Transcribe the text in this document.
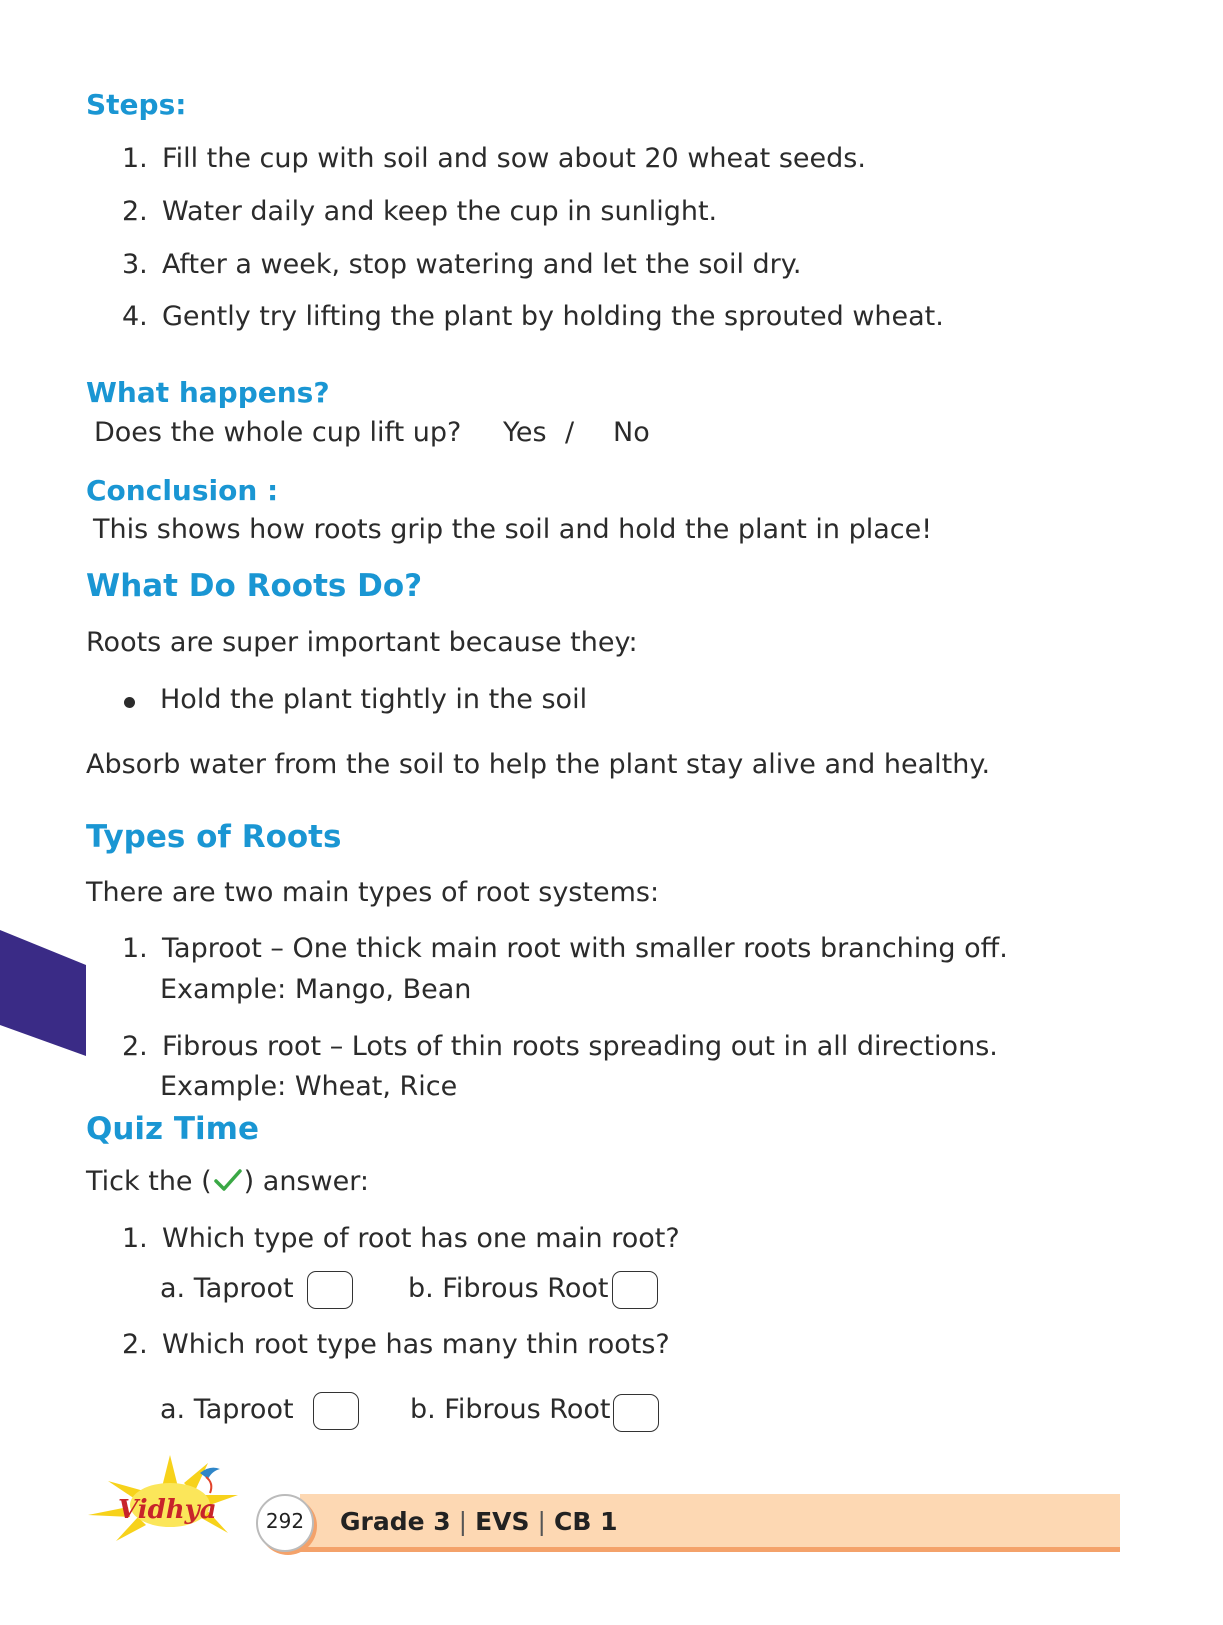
Steps:
1. Fill the cup with soil and sow about 20 wheat seeds.
2. Water daily and keep the cup in sunlight.
3. After a week, stop watering and let the soil dry.
4. Gently try lifting the plant by holding the sprouted wheat.
What happens?
Does the whole cup lift up? Yes / No
Conclusion :
This shows how roots grip the soil and hold the plant in place!
What Do Roots Do?
Roots are super important because they:
Hold the plant tightly in the soil
Absorb water from the soil to help the plant stay alive and healthy.
Types of Roots
There are two main types of root systems:
1. Taproot – One thick main root with smaller roots branching off.
Example: Mango, Bean
2. Fibrous root – Lots of thin roots spreading out in all directions.
Example: Wheat, Rice
Quiz Time
Tick the ( ) answer:
1. Which type of root has one main root?
a. Taproot	b. Fibrous Root
2. Which root type has many thin roots?
a. Taproot	b. Fibrous Root
Grade 3 | EVS | CB 1
292
Vidhya
